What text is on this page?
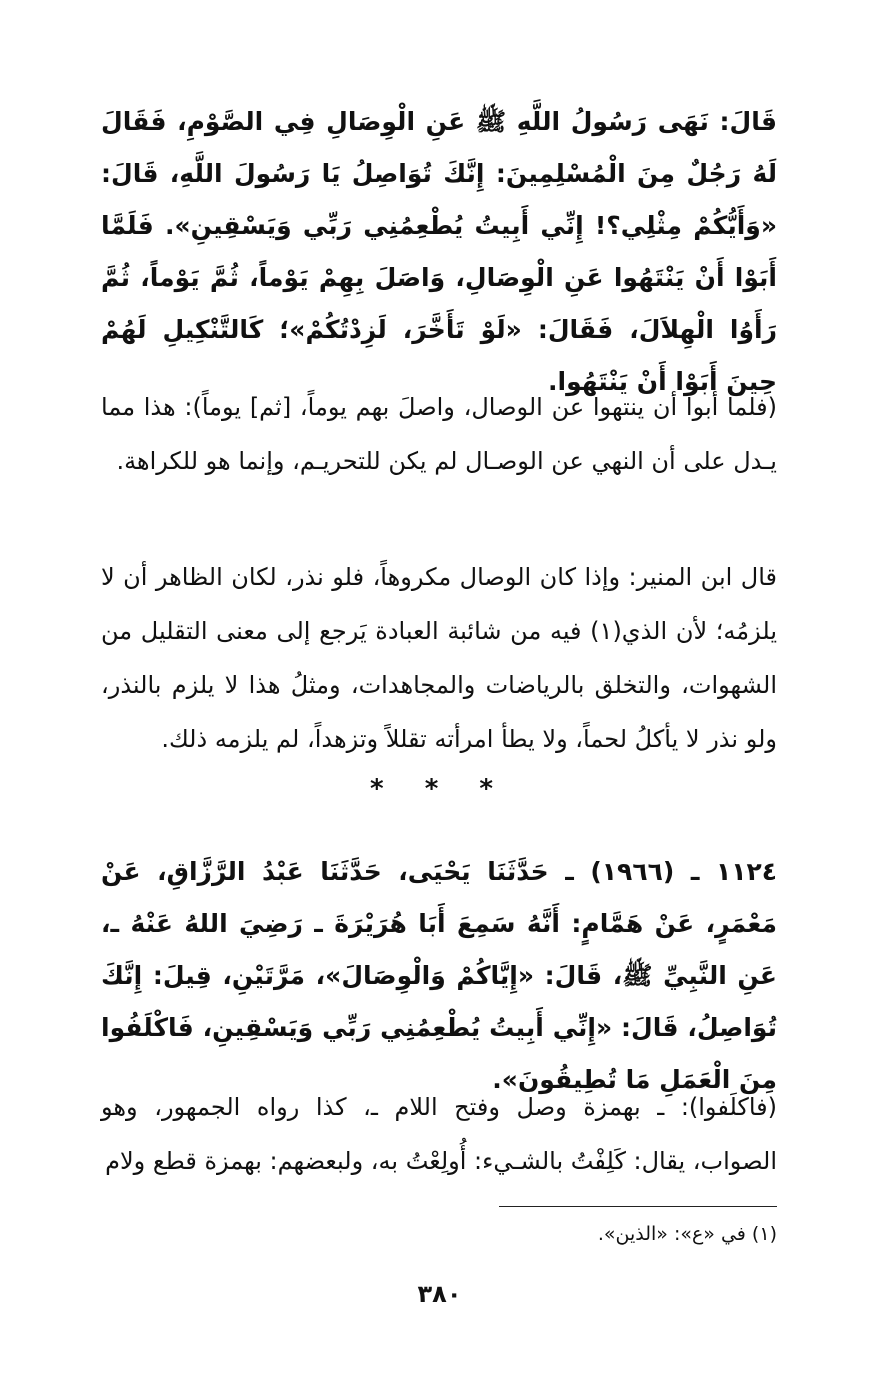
قَالَ: نَهَى رَسُولُ اللَّهِ ﷺ عَنِ الْوِصَالِ فِي الصَّوْمِ، فَقَالَ لَهُ رَجُلٌ مِنَ الْمُسْلِمِينَ: إِنَّكَ تُوَاصِلُ يَا رَسُولَ اللَّهِ، قَالَ: «وَأَيُّكُمْ مِثْلِي؟! إِنِّي أَبِيتُ يُطْعِمُنِي رَبِّي وَيَسْقِينِ». فَلَمَّا أَبَوْا أَنْ يَنْتَهُوا عَنِ الْوِصَالِ، وَاصَلَ بِهِمْ يَوْماً، ثُمَّ يَوْماً، ثُمَّ رَأَوُا الْهِلاَلَ، فَقَالَ: «لَوْ تَأَخَّرَ، لَزِدْتُكُمْ»؛ كَالتَّنْكِيلِ لَهُمْ حِينَ أَبَوْا أَنْ يَنْتَهُوا.

(فلما أبوا أن ينتهوا عن الوصال، واصلَ بهم يوماً، [ثم] يوماً): هذا مما يـدل على أن النهي عن الوصـال لم يكن للتحريـم، وإنما هو للكراهة.

قال ابن المنير: وإذا كان الوصال مكروهاً، فلو نذر، لكان الظاهر أن لا يلزمُه؛ لأن الذي(١) فيه من شائبة العبادة يَرجع إلى معنى التقليل من الشهوات، والتخلق بالرياضات والمجاهدات، ومثلُ هذا لا يلزم بالنذر، ولو نذر لا يأكلُ لحماً، ولا يطأ امرأته تقللاً وتزهداً، لم يلزمه ذلك.

* * *

١١٢٤ ـ (١٩٦٦) ـ حَدَّثَنَا يَحْيَى، حَدَّثَنَا عَبْدُ الرَّزَّاقِ، عَنْ مَعْمَرٍ، عَنْ هَمَّامٍ: أَنَّهُ سَمِعَ أَبَا هُرَيْرَةَ ـ رَضِيَ اللهُ عَنْهُ ـ، عَنِ النَّبِيِّ ﷺ، قَالَ: «إِيَّاكُمْ وَالْوِصَالَ»، مَرَّتَيْنِ، قِيلَ: إِنَّكَ تُوَاصِلُ، قَالَ: «إِنِّي أَبِيتُ يُطْعِمُنِي رَبِّي وَيَسْقِينِ، فَاكْلَفُوا مِنَ الْعَمَلِ مَا تُطِيقُونَ».

(فاكلَفوا): ـ بهمزة وصل وفتح اللام ـ، كذا رواه الجمهور، وهو الصواب، يقال: كَلِفْتُ بالشـيء: أُولِعْتُ به، ولبعضهم: بهمزة قطع ولام

(١) في «ع»: «الذين».

٣٨٠
